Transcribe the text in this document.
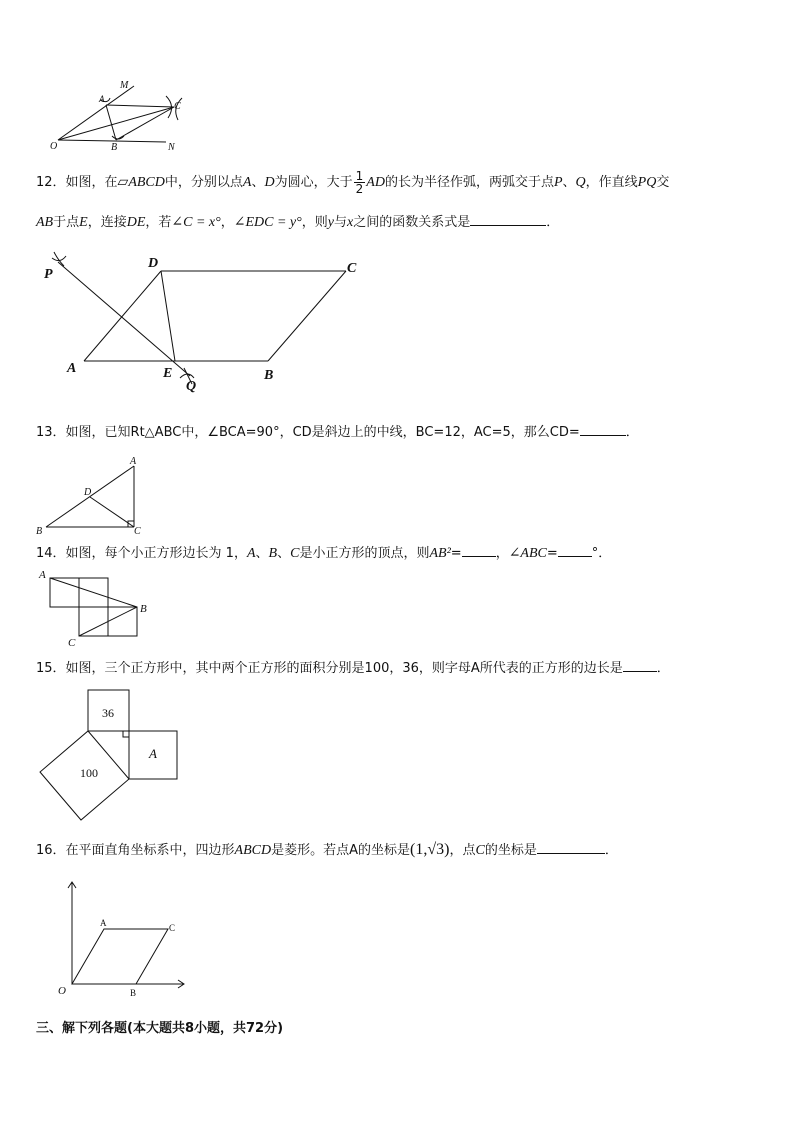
M
A
C
O	B	N
12．如图，在▱ABCD中，分别以点A、D为圆心，大于 $\frac{1}{2}$ AD的长为半径作弧，两弧交于点P、Q，作直线PQ交
AB于点E，连接DE，若∠C = x°，∠EDC = y°，则y与x之间的函数关系式是	．
P
D	C
A	E
Q
B
13．如图，已知Rt△ABC中，∠BCA=90°，CD是斜边上的中线，BC=12，AC=5，那么CD=	．
A
D
B	C
14．如图，每个小正方形边长为 1，A、B、C是小正方形的顶点，则AB²=	，∠ABC=	°．
A
B
C
15．如图，三个正方形中，其中两个正方形的面积分别是100，36，则字母A所代表的正方形的边长是	．
36
100
A
16．在平面直角坐标系中，四边形ABCD是菱形。若点A的坐标是(1,√3)，点C的坐标是	．
A	C
O	B
三、解下列各题(本大题共8小题，共72分)
